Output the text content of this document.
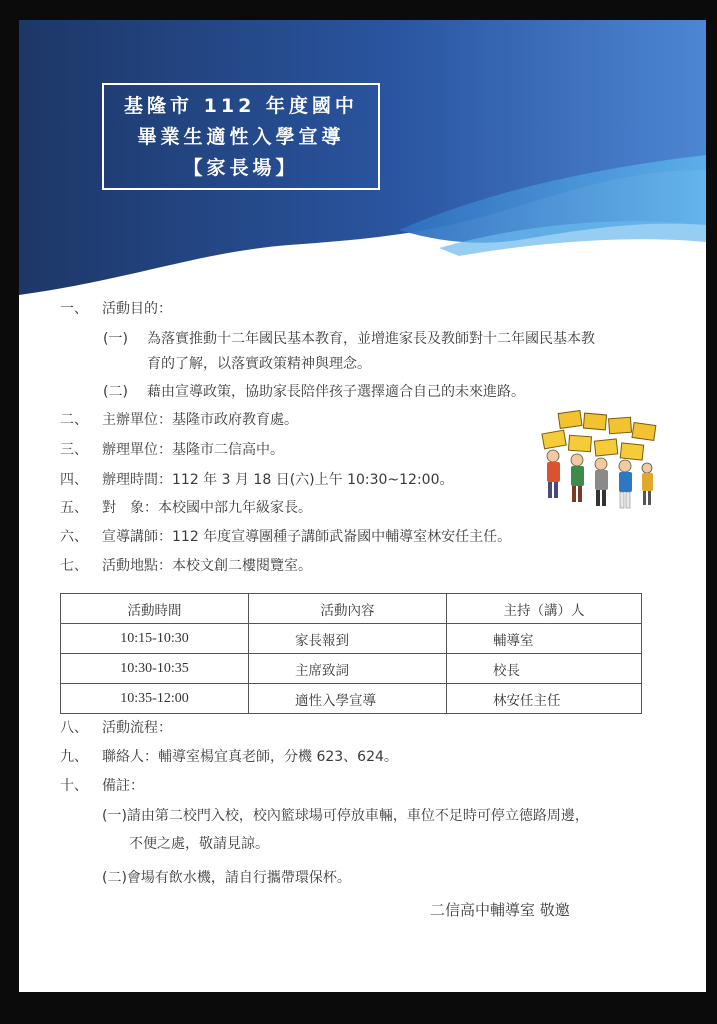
基隆市 112 年度國中
畢業生適性入學宣導
【家長場】
一、 活動目的：
(一) 為落實推動十二年國民基本教育，並增進家長及教師對十二年國民基本教
育的了解，以落實政策精神與理念。
(二) 藉由宣導政策，協助家長陪伴孩子選擇適合自己的未來進路。
二、 主辦單位：基隆市政府教育處。
三、 辦理單位：基隆市二信高中。
四、 辦理時間：112 年 3 月 18 日(六)上午 10:30~12:00。
五、 對　象：本校國中部九年級家長。
六、 宣導講師：112 年度宣導團種子講師武崙國中輔導室林安任主任。
七、 活動地點：本校文創二樓閱覽室。
活動時間	活動內容	主持（講）人
10:15-10:30	家長報到	輔導室
10:30-10:35	主席致詞	校長
10:35-12:00	適性入學宣導	林安任主任
八、 活動流程：
九、 聯絡人：輔導室楊宜真老師，分機 623、624。
十、 備註：
(一)請由第二校門入校，校內籃球場可停放車輛，車位不足時可停立德路周邊，
不便之處，敬請見諒。
(二)會場有飲水機，請自行攜帶環保杯。
二信高中輔導室 敬邀
